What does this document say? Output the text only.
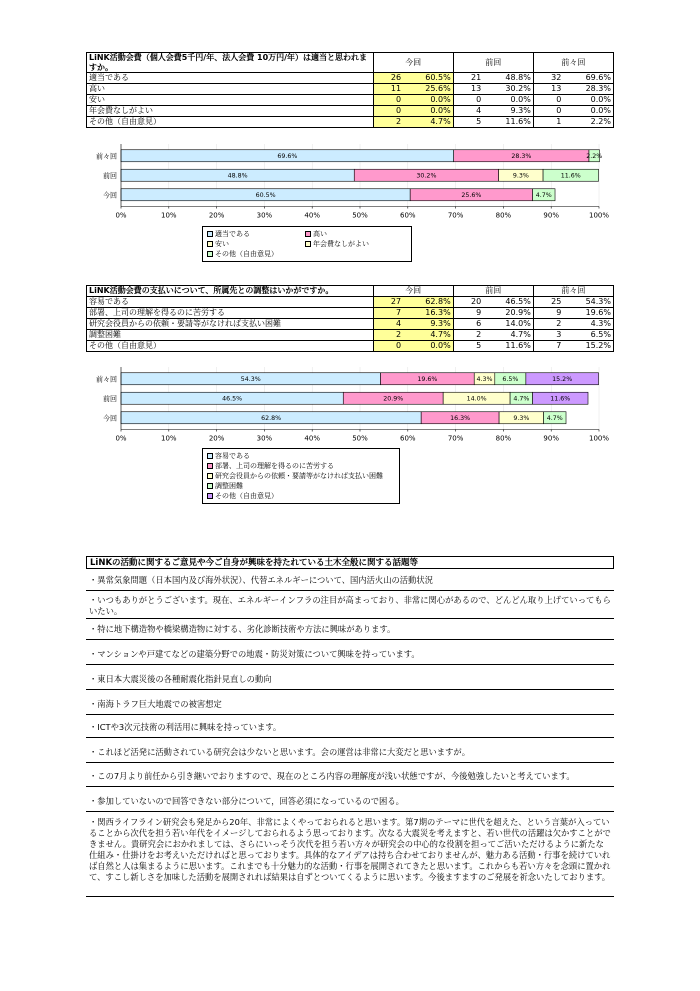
LiNK活動会費（個人会費5千円/年、法人会費 10万円/年）は適当と思われますか。	今回		前回		前々回	
適当である	26	60.5%	21	48.8%	32	69.6%
高い	11	25.6%	13	30.2%	13	28.3%
安い	0	0.0%	0	0.0%	0	0.0%
年会費なしがよい	0	0.0%	4	9.3%	0	0.0%
その他（自由意見）	2	4.7%	5	11.6%	1	2.2%
前々回	69.6%	28.3%	2.2%
前回	48.8%	30.2%	9.3%	11.6%
今回	60.5%	25.6%	4.7%
0%	10%	20%	30%	40%	50%	60%	70%	80%	90%	100%
適当である	高い
安い	年会費なしがよい
その他（自由意見）
LiNK活動会費の支払いについて、所属先との調整はいかがですか。	今回		前回		前々回	
容易である	27	62.8%	20	46.5%	25	54.3%
部署、上司の理解を得るのに苦労する	7	16.3%	9	20.9%	9	19.6%
研究会役員からの依頼・要請等がなければ支払い困難	4	9.3%	6	14.0%	2	4.3%
調整困難	2	4.7%	2	4.7%	3	6.5%
その他（自由意見）	0	0.0%	5	11.6%	7	15.2%
前々回	54.3%	19.6%	4.3% 6.5%	15.2%
前回	46.5%	20.9%	14.0%	4.7%	11.6%
今回	62.8%	16.3%	9.3%	4.7%
0%	10%	20%	30%	40%	50%	60%	70%	80%	90%	100%
容易である
部署、上司の理解を得るのに苦労する
研究会役員からの依頼・要請等がなければ支払い困難
調整困難
その他（自由意見）
LiNKの活動に関するご意見や今ご自身が興味を持たれている土木全般に関する話題等
・異常気象問題（日本国内及び海外状況）、代替エネルギーについて、国内活火山の活動状況
・いつもありがとうございます。現在、エネルギーインフラの注目が高まっており、非常に関心があるので、どんどん取り上げていってもらいたい。
・特に地下構造物や橋梁構造物に対する、劣化診断技術や方法に興味があります。
・マンションや戸建てなどの建築分野での地震・防災対策について興味を持っています。
・東日本大震災後の各種耐震化指針見直しの動向
・南海トラフ巨大地震での被害想定
・ICTや3次元技術の利活用に興味を持っています。
・これほど活発に活動されている研究会は少ないと思います。会の運営は非常に大変だと思いますが。
・この7月より前任から引き継いでおりますので、現在のところ内容の理解度が浅い状態ですが、今後勉強したいと考えています。
・参加していないので回答できない部分について，回答必須になっているので困る。
・関西ライフライン研究会も発足から20年、非常によくやっておられると思います。第7期のテーマに世代を超えた、という言葉が入っていることから次代を担う若い年代をイメージしておられるよう思っております。次なる大震災を考えますと、若い世代の活躍は欠かすことができません。貴研究会におかれましては、さらにいっそう次代を担う若い方々が研究会の中心的な役割を担ってご活いただけるように新たな仕組み・仕掛けをお考えいただければと思っております。具体的なアイデアは持ち合わせておりませんが、魅力ある活動・行事を続けていれば自然と人は集まるように思います。これまでも十分魅力的な活動・行事を展開されてきたと思います。これからも若い方々を念頭に置かれて、すこし新しさを加味した活動を展開されれば結果は自ずとついてくるように思います。今後ますますのご発展を祈念いたしております。
